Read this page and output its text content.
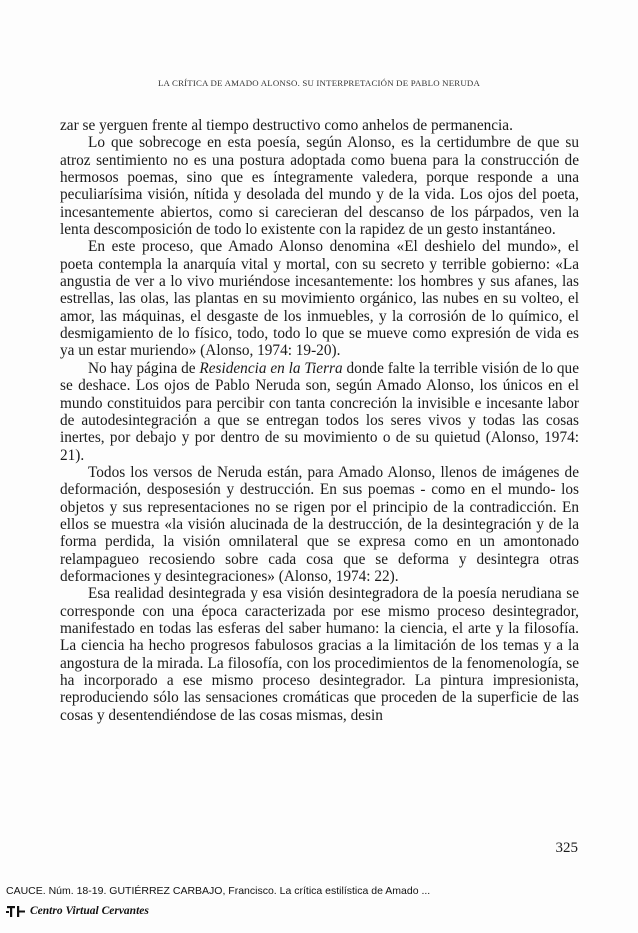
LA CRÍTICA DE AMADO ALONSO. SU INTERPRETACIÓN DE PABLO NERUDA

zar se yerguen frente al tiempo destructivo como anhelos de permanencia.

Lo que sobrecoge en esta poesía, según Alonso, es la certidumbre de que su atroz sentimiento no es una postura adoptada como buena para la construcción de hermosos poemas, sino que es íntegramente valedera, porque responde a una peculiarísima visión, nítida y desolada del mundo y de la vida. Los ojos del poeta, incesantemente abiertos, como si carecieran del descanso de los párpados, ven la lenta descomposición de todo lo existente con la rapidez de un gesto instantáneo.

En este proceso, que Amado Alonso denomina «El deshielo del mundo», el poeta contempla la anarquía vital y mortal, con su secreto y terrible gobierno: «La angustia de ver a lo vivo muriéndose incesantemente: los hombres y sus afanes, las estrellas, las olas, las plantas en su movimiento orgánico, las nubes en su volteo, el amor, las máquinas, el desgaste de los inmuebles, y la corrosión de lo químico, el desmigamiento de lo físico, todo, todo lo que se mueve como expresión de vida es ya un estar muriendo» (Alonso, 1974: 19-20).

No hay página de Residencia en la Tierra donde falte la terrible visión de lo que se deshace. Los ojos de Pablo Neruda son, según Amado Alonso, los únicos en el mundo constituidos para percibir con tanta concreción la invisible e incesante labor de autodesintegración a que se entregan todos los seres vivos y todas las cosas inertes, por debajo y por dentro de su movimiento o de su quietud (Alonso, 1974: 21).

Todos los versos de Neruda están, para Amado Alonso, llenos de imágenes de deformación, desposesión y destrucción. En sus poemas - como en el mundo- los objetos y sus representaciones no se rigen por el principio de la contradicción. En ellos se muestra «la visión alucinada de la destrucción, de la desintegración y de la forma perdida, la visión omnilateral que se expresa como en un amontonado relampagueo recosiendo sobre cada cosa que se deforma y desintegra otras deformaciones y desintegraciones» (Alonso, 1974: 22).

Esa realidad desintegrada y esa visión desintegradora de la poesía nerudiana se corresponde con una época caracterizada por ese mismo proceso desintegrador, manifestado en todas las esferas del saber humano: la ciencia, el arte y la filosofía. La ciencia ha hecho progresos fabulosos gracias a la limitación de los temas y a la angostura de la mirada. La filosofía, con los procedimientos de la fenomenología, se ha incorporado a ese mismo proceso desintegrador. La pintura impresionista, reproduciendo sólo las sensaciones cromáticas que proceden de la superficie de las cosas y desentendiéndose de las cosas mismas, desin

325
CAUCE. Núm. 18-19. GUTIÉRREZ CARBAJO, Francisco. La crítica estilística de Amado ...
Centro Virtual Cervantes
